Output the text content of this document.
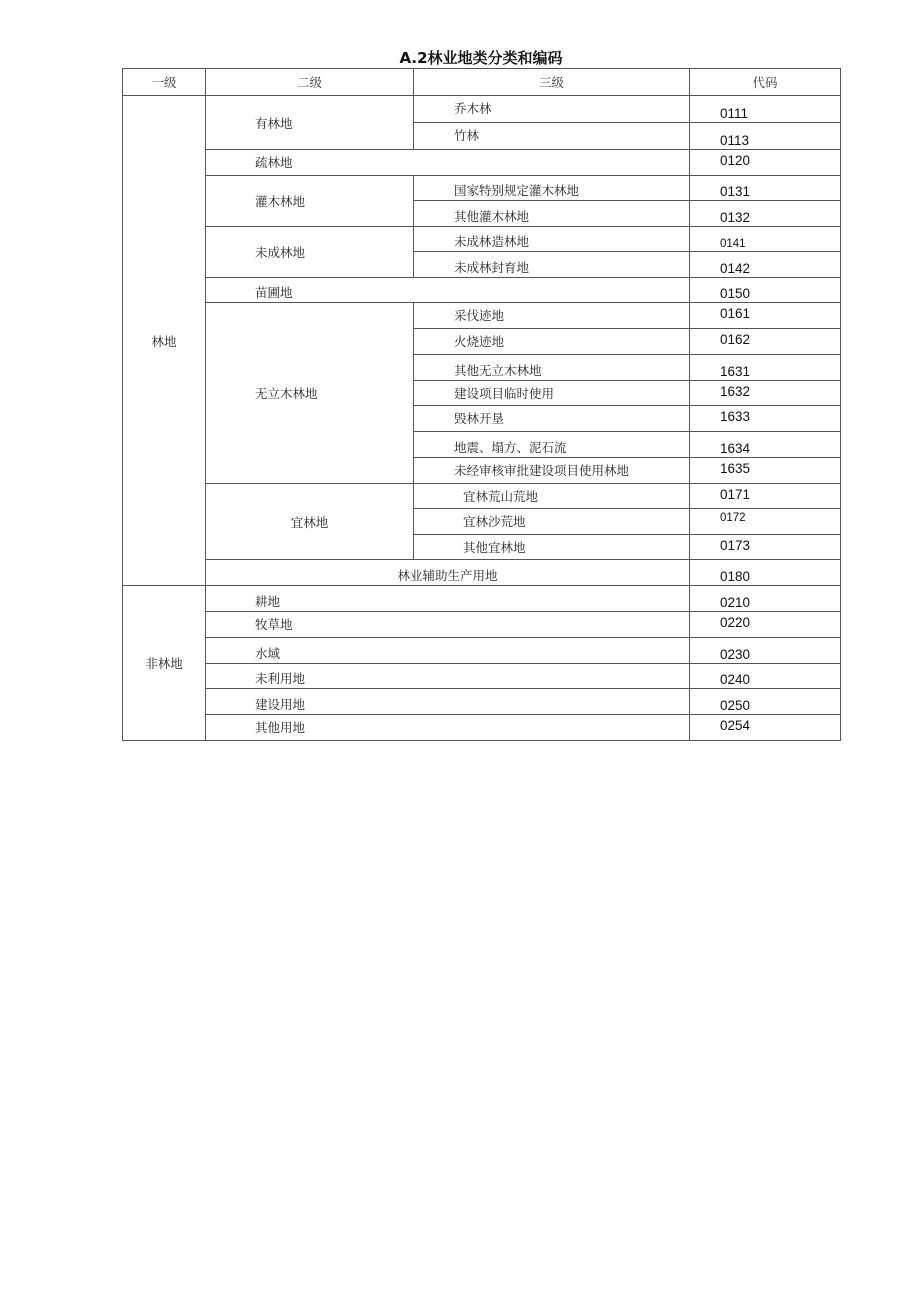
A.2林业地类分类和编码
一级	二级	三级	代码
林地	有林地	乔木林	0111
		竹林	0113
	疏林地		0120
	灌木林地	国家特别规定灌木林地	0131
		其他灌木林地	0132
	未成林地	未成林造林地	0141
		未成林封育地	0142
	苗圃地		0150
	无立木林地	采伐迹地	0161
		火烧迹地	0162
		其他无立木林地	1631
		建设项目临时使用	1632
		毁林开垦	1633
		地震、塌方、泥石流	1634
		未经审核审批建设项目使用林地	1635
	宜林地	宜林荒山荒地	0171
		宜林沙荒地	0172
		其他宜林地	0173
	林业辅助生产用地		0180
非林地	耕地		0210
	牧草地		0220
	水域		0230
	未利用地		0240
	建设用地		0250
	其他用地		0254
